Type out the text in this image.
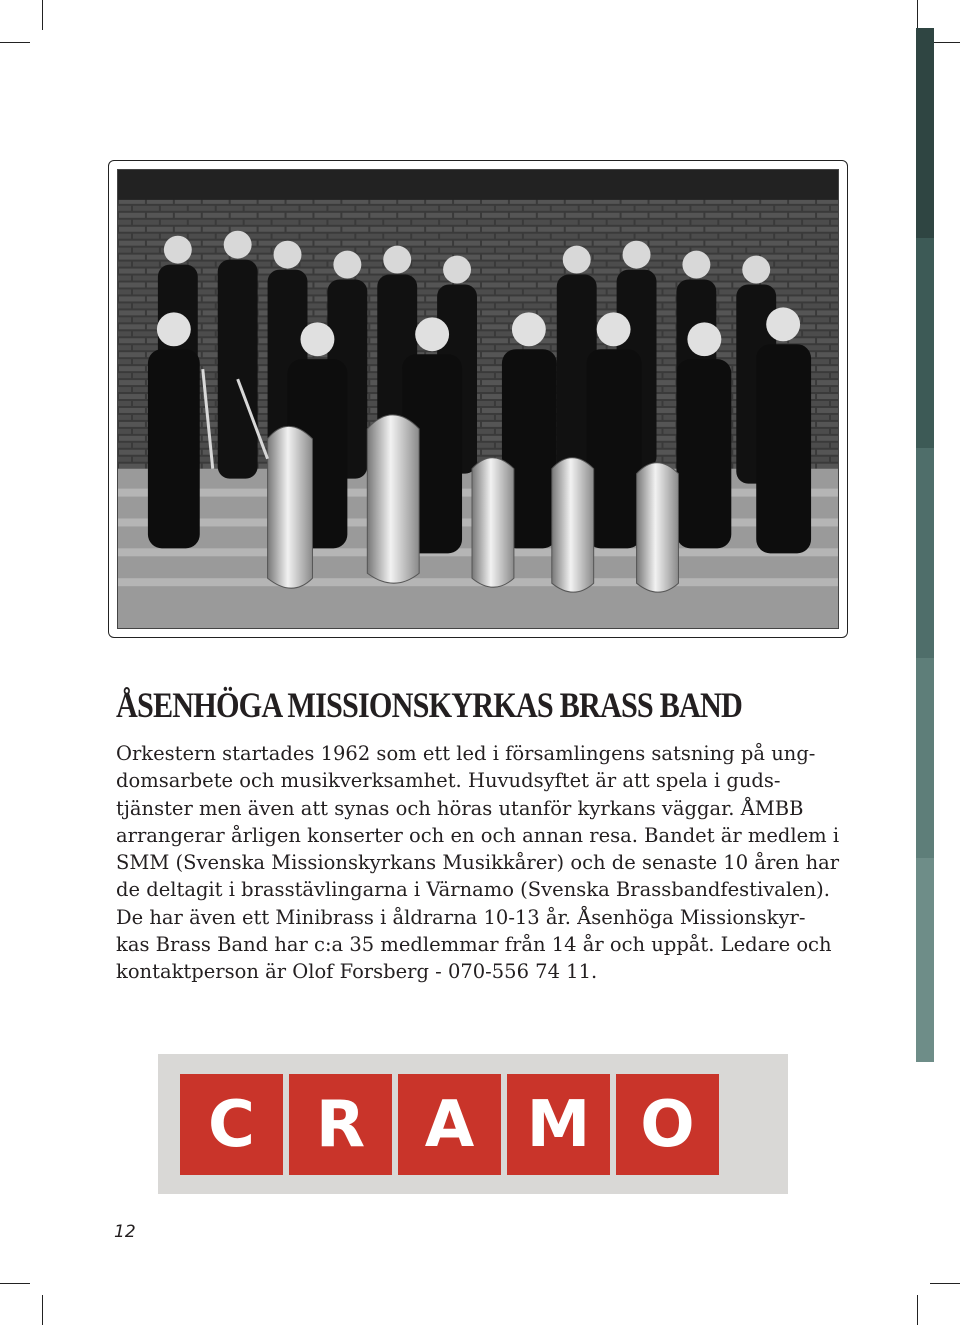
ÅSENHÖGA MISSIONSKYRKAS BRASS BAND
Orkestern startades 1962 som ett led i församlingens satsning på ung-
domsarbete och musikverksamhet. Huvudsyftet är att spela i guds-
tjänster men även att synas och höras utanför kyrkans väggar. ÅMBB
arrangerar årligen konserter och en och annan resa. Bandet är medlem i
SMM (Svenska Missionskyrkans Musikkårer) och de senaste 10 åren har
de deltagit i brasstävlingarna i Värnamo (Svenska Brassbandfestivalen).
De har även ett Minibrass i åldrarna 10-13 år. Åsenhöga Missionskyr-
kas Brass Band har c:a 35 medlemmar från 14 år och uppåt. Ledare och
kontaktperson är Olof Forsberg - 070-556 74 11.
C R A M O
12
